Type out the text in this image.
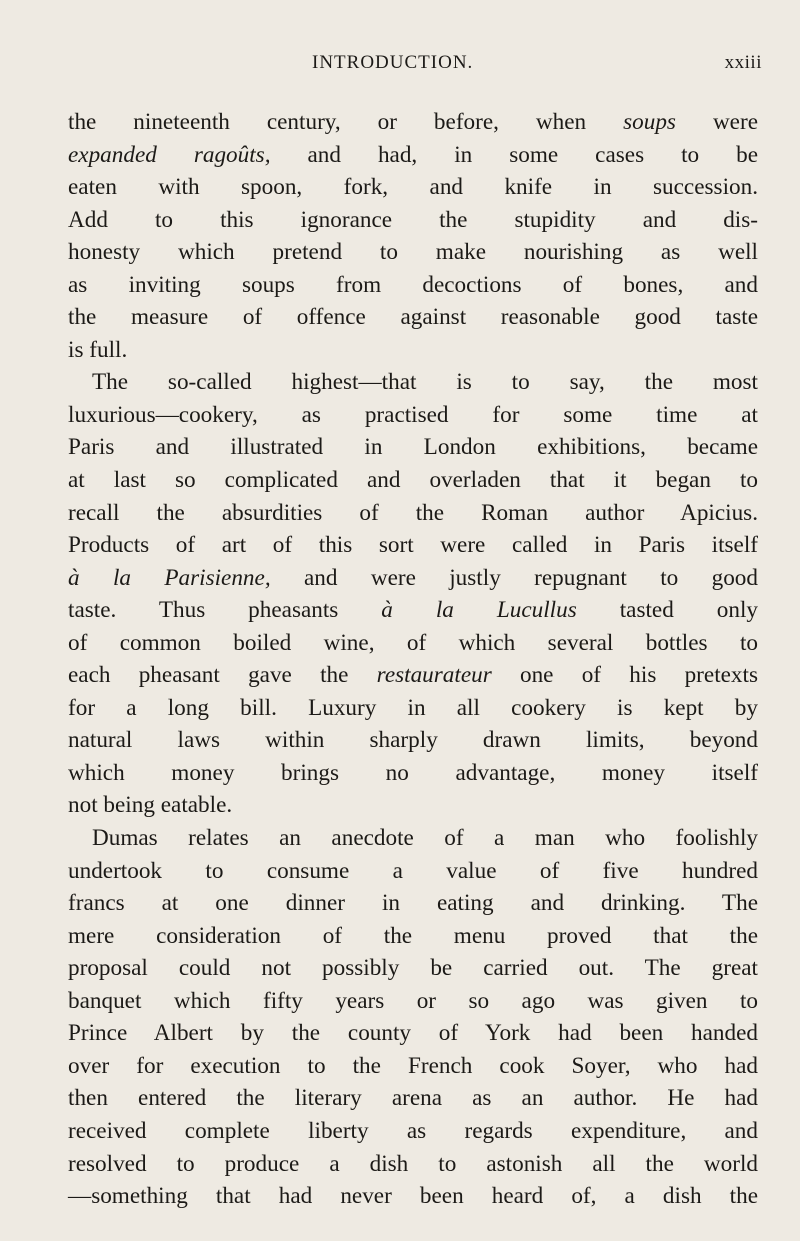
INTRODUCTION.	xxiii
the nineteenth century, or before, when soups were
expanded ragoûts, and had, in some cases to be
eaten with spoon, fork, and knife in succession.
Add to this ignorance the stupidity and dis-
honesty which pretend to make nourishing as well
as inviting soups from decoctions of bones, and
the measure of offence against reasonable good taste
is full.
The so-called highest—that is to say, the most
luxurious—cookery, as practised for some time at
Paris and illustrated in London exhibitions, became
at last so complicated and overladen that it began to
recall the absurdities of the Roman author Apicius.
Products of art of this sort were called in Paris itself
à la Parisienne, and were justly repugnant to good
taste. Thus pheasants à la Lucullus tasted only
of common boiled wine, of which several bottles to
each pheasant gave the restaurateur one of his pretexts
for a long bill. Luxury in all cookery is kept by
natural laws within sharply drawn limits, beyond
which money brings no advantage, money itself
not being eatable.
Dumas relates an anecdote of a man who foolishly
undertook to consume a value of five hundred
francs at one dinner in eating and drinking. The
mere consideration of the menu proved that the
proposal could not possibly be carried out. The great
banquet which fifty years or so ago was given to
Prince Albert by the county of York had been handed
over for execution to the French cook Soyer, who had
then entered the literary arena as an author. He had
received complete liberty as regards expenditure, and
resolved to produce a dish to astonish all the world
—something that had never been heard of, a dish the
